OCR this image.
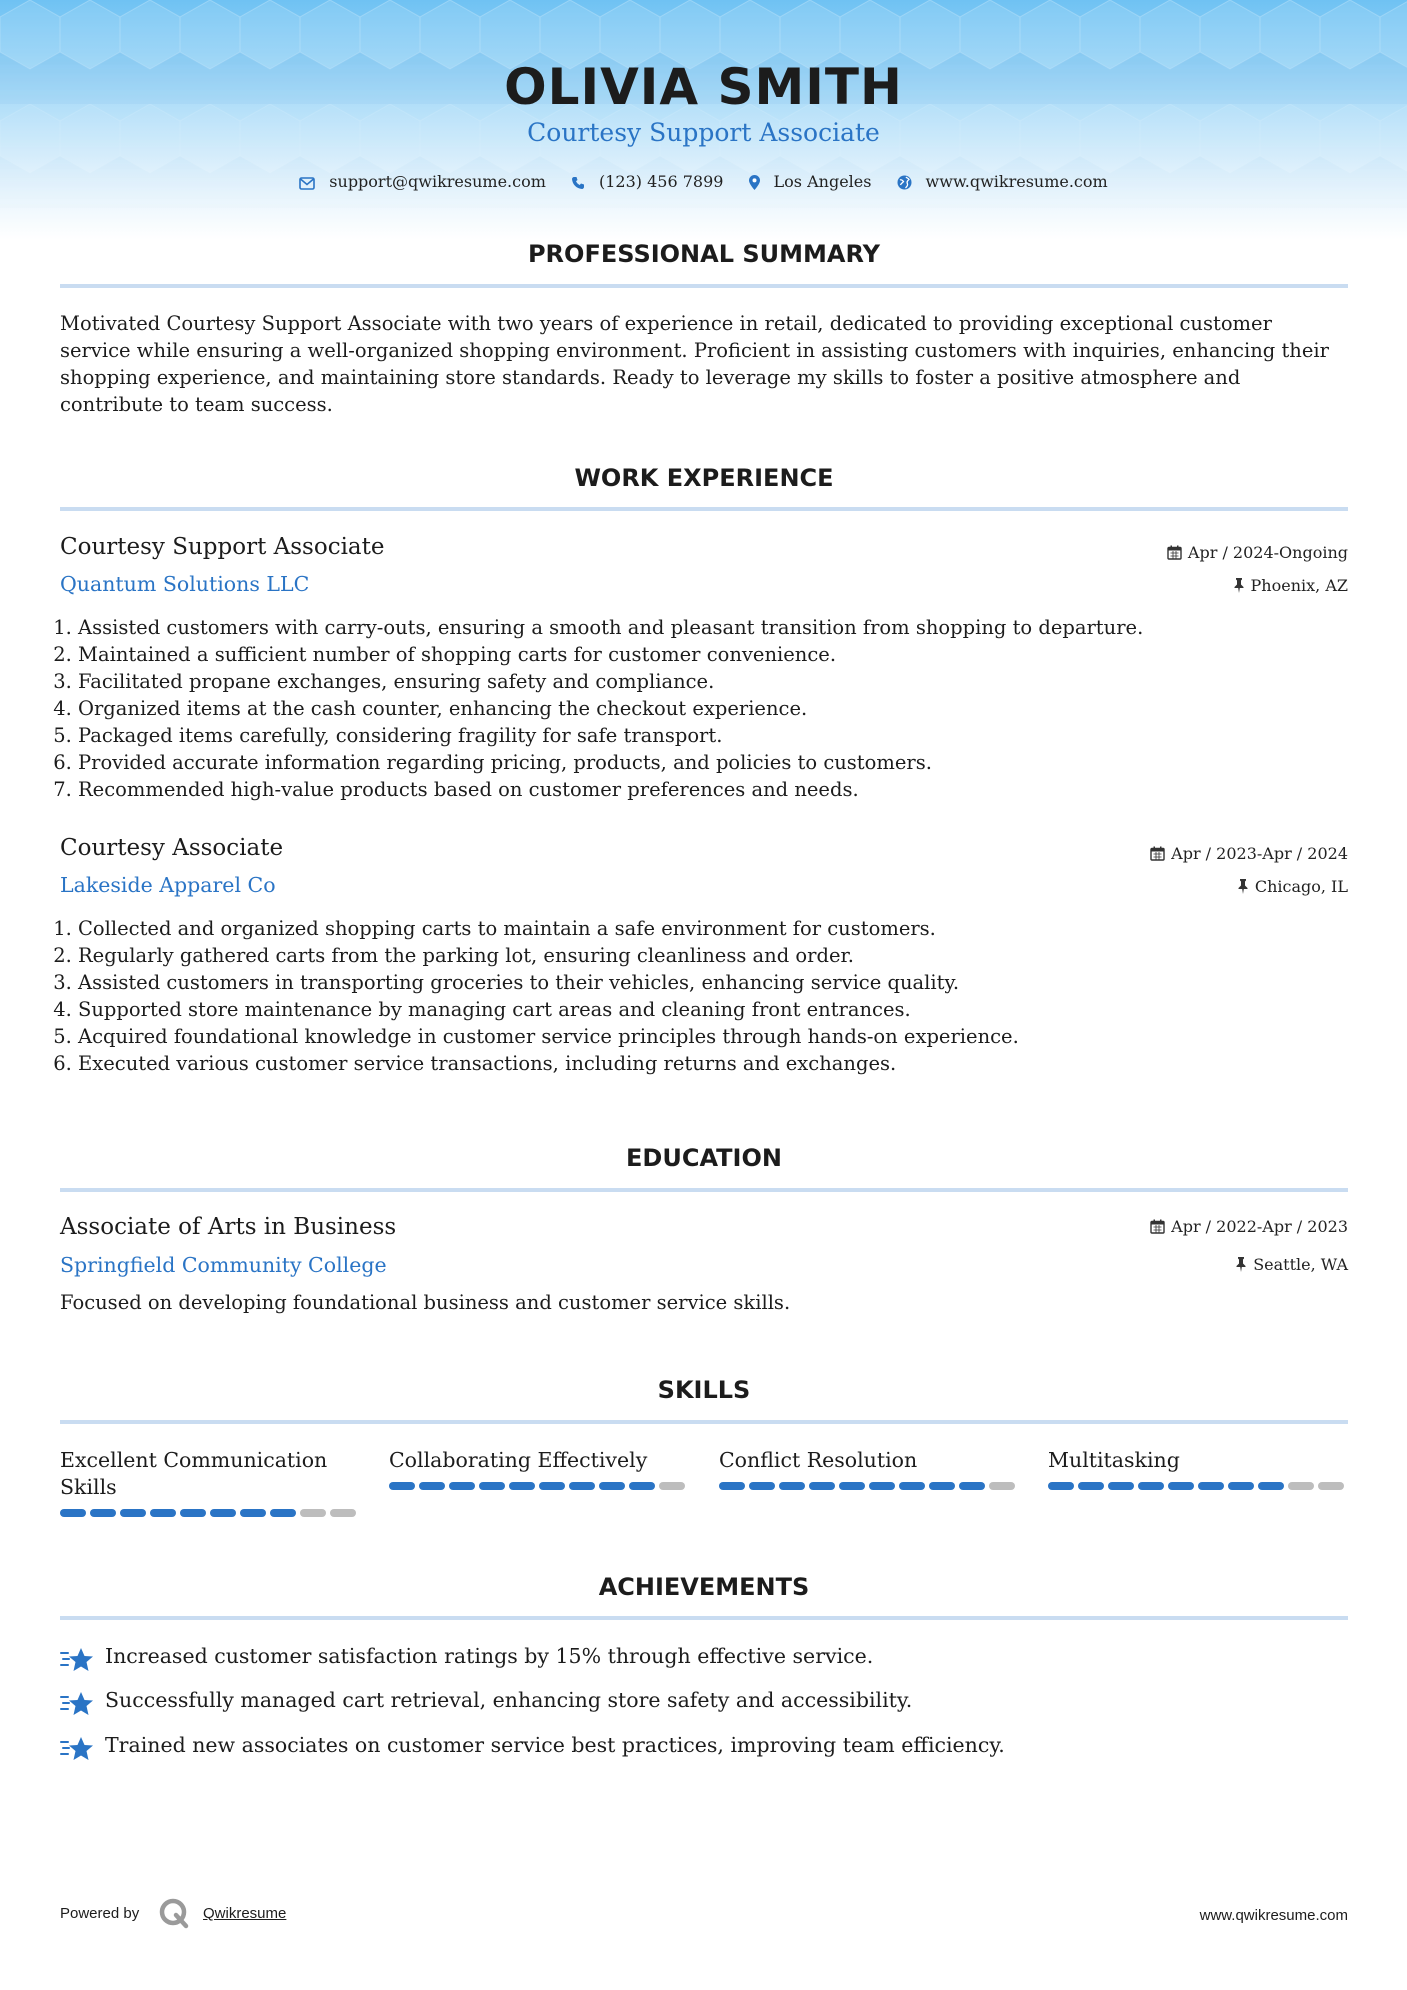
OLIVIA SMITH
Courtesy Support Associate
support@qwikresume.com	(123) 456 7899	Los Angeles	www.qwikresume.com
PROFESSIONAL SUMMARY
Motivated Courtesy Support Associate with two years of experience in retail, dedicated to providing exceptional customer service while ensuring a well-organized shopping environment. Proficient in assisting customers with inquiries, enhancing their shopping experience, and maintaining store standards. Ready to leverage my skills to foster a positive atmosphere and contribute to team success.
WORK EXPERIENCE
Courtesy Support Associate
Quantum Solutions LLC
Apr / 2024-Ongoing
Phoenix, AZ
1. Assisted customers with carry-outs, ensuring a smooth and pleasant transition from shopping to departure.
2. Maintained a sufficient number of shopping carts for customer convenience.
3. Facilitated propane exchanges, ensuring safety and compliance.
4. Organized items at the cash counter, enhancing the checkout experience.
5. Packaged items carefully, considering fragility for safe transport.
6. Provided accurate information regarding pricing, products, and policies to customers.
7. Recommended high-value products based on customer preferences and needs.
Courtesy Associate
Lakeside Apparel Co
Apr / 2023-Apr / 2024
Chicago, IL
1. Collected and organized shopping carts to maintain a safe environment for customers.
2. Regularly gathered carts from the parking lot, ensuring cleanliness and order.
3. Assisted customers in transporting groceries to their vehicles, enhancing service quality.
4. Supported store maintenance by managing cart areas and cleaning front entrances.
5. Acquired foundational knowledge in customer service principles through hands-on experience.
6. Executed various customer service transactions, including returns and exchanges.
EDUCATION
Associate of Arts in Business
Springfield Community College
Apr / 2022-Apr / 2023
Seattle, WA
Focused on developing foundational business and customer service skills.
SKILLS
Excellent Communication Skills
Collaborating Effectively	Conflict Resolution	Multitasking
ACHIEVEMENTS
Increased customer satisfaction ratings by 15% through effective service.
Successfully managed cart retrieval, enhancing store safety and accessibility.
Trained new associates on customer service best practices, improving team efficiency.
Powered by	Qwikresume	www.qwikresume.com
